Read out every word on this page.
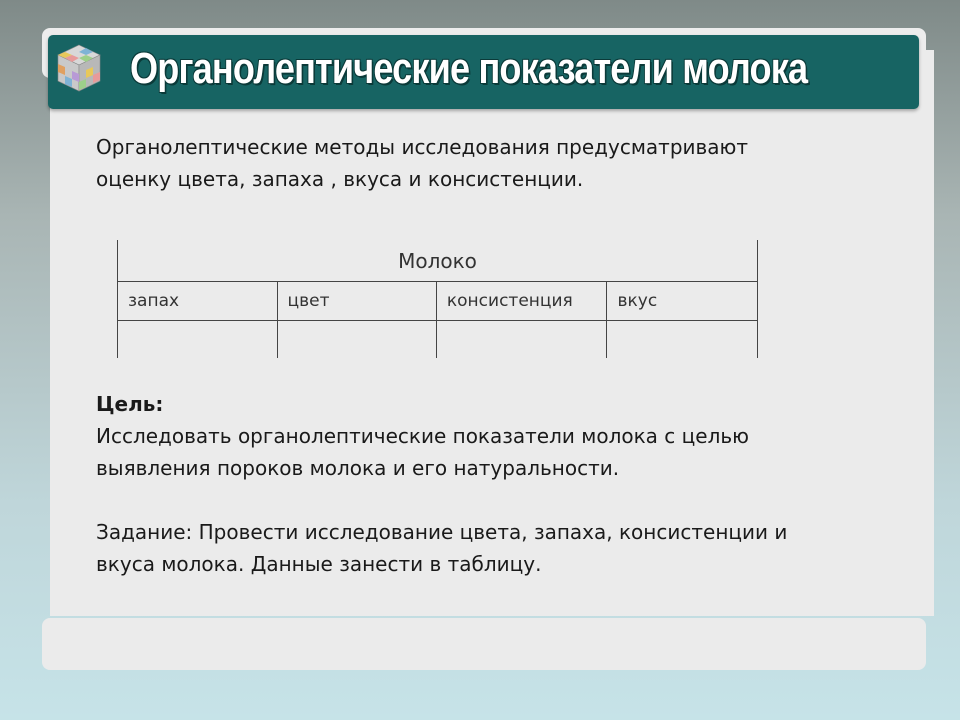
Органолептические показатели молока
Органолептические методы исследования предусматривают
оценку цвета, запаха , вкуса и консистенции.
Молоко			
запах	цвет	консистенция	вкус

Цель:
Исследовать органолептические показатели молока с целью
выявления пороков молока и его натуральности.
Задание: Провести исследование цвета, запаха, консистенции и
вкуса молока. Данные занести в таблицу.
